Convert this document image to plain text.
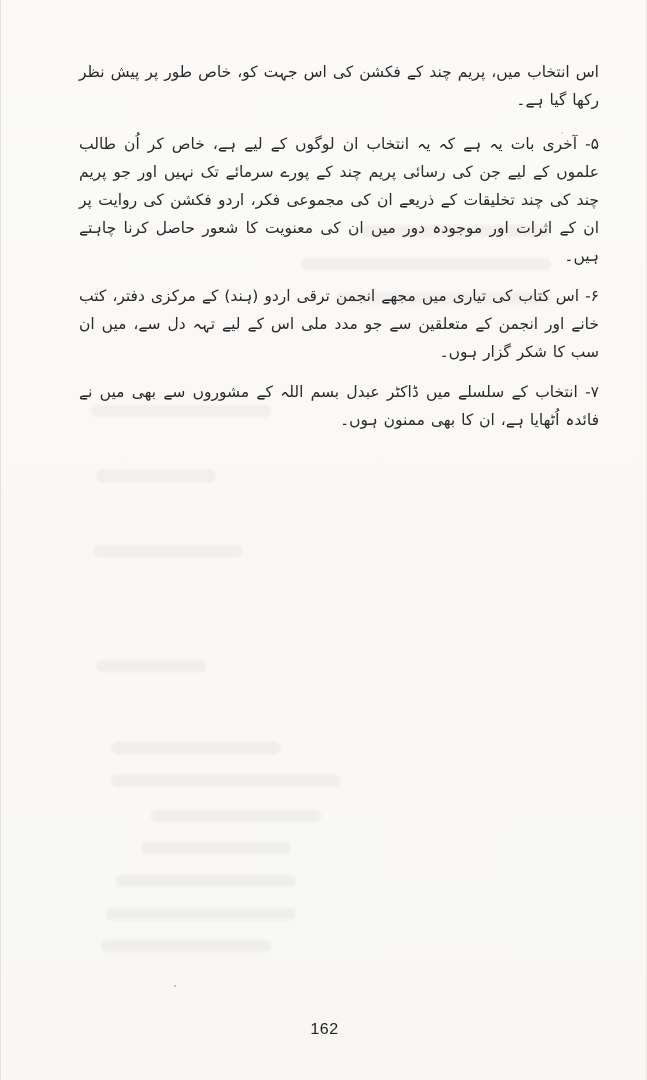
اس انتخاب میں، پریم چند کے فکشن کی اس جہت کو، خاص طور پر پیش نظر رکھا گیا ہے۔

۵- آخری بات یہ ہے کہ یہ انتخاب ان لوگوں کے لیے ہے، خاص کر اُن طالب علموں کے لیے جن کی رسائی پریم چند کے پورے سرمائے تک نہیں اور جو پریم چند کی چند تخلیقات کے ذریعے ان کی مجموعی فکر، اردو فکشن کی روایت پر ان کے اثرات اور موجودہ دور میں ان کی معنویت کا شعور حاصل کرنا چاہتے ہیں۔

۶- اس کتاب کی تیاری میں مجھے انجمن ترقی اردو (ہند) کے مرکزی دفتر، کتب خانے اور انجمن کے متعلقین سے جو مدد ملی اس کے لیے تہہ دل سے، میں ان سب کا شکر گزار ہوں۔

۷- انتخاب کے سلسلے میں ڈاکٹر عبدل بسم اللہ کے مشوروں سے بھی میں نے فائدہ اُٹھایا ہے، ان کا بھی ممنون ہوں۔

162
